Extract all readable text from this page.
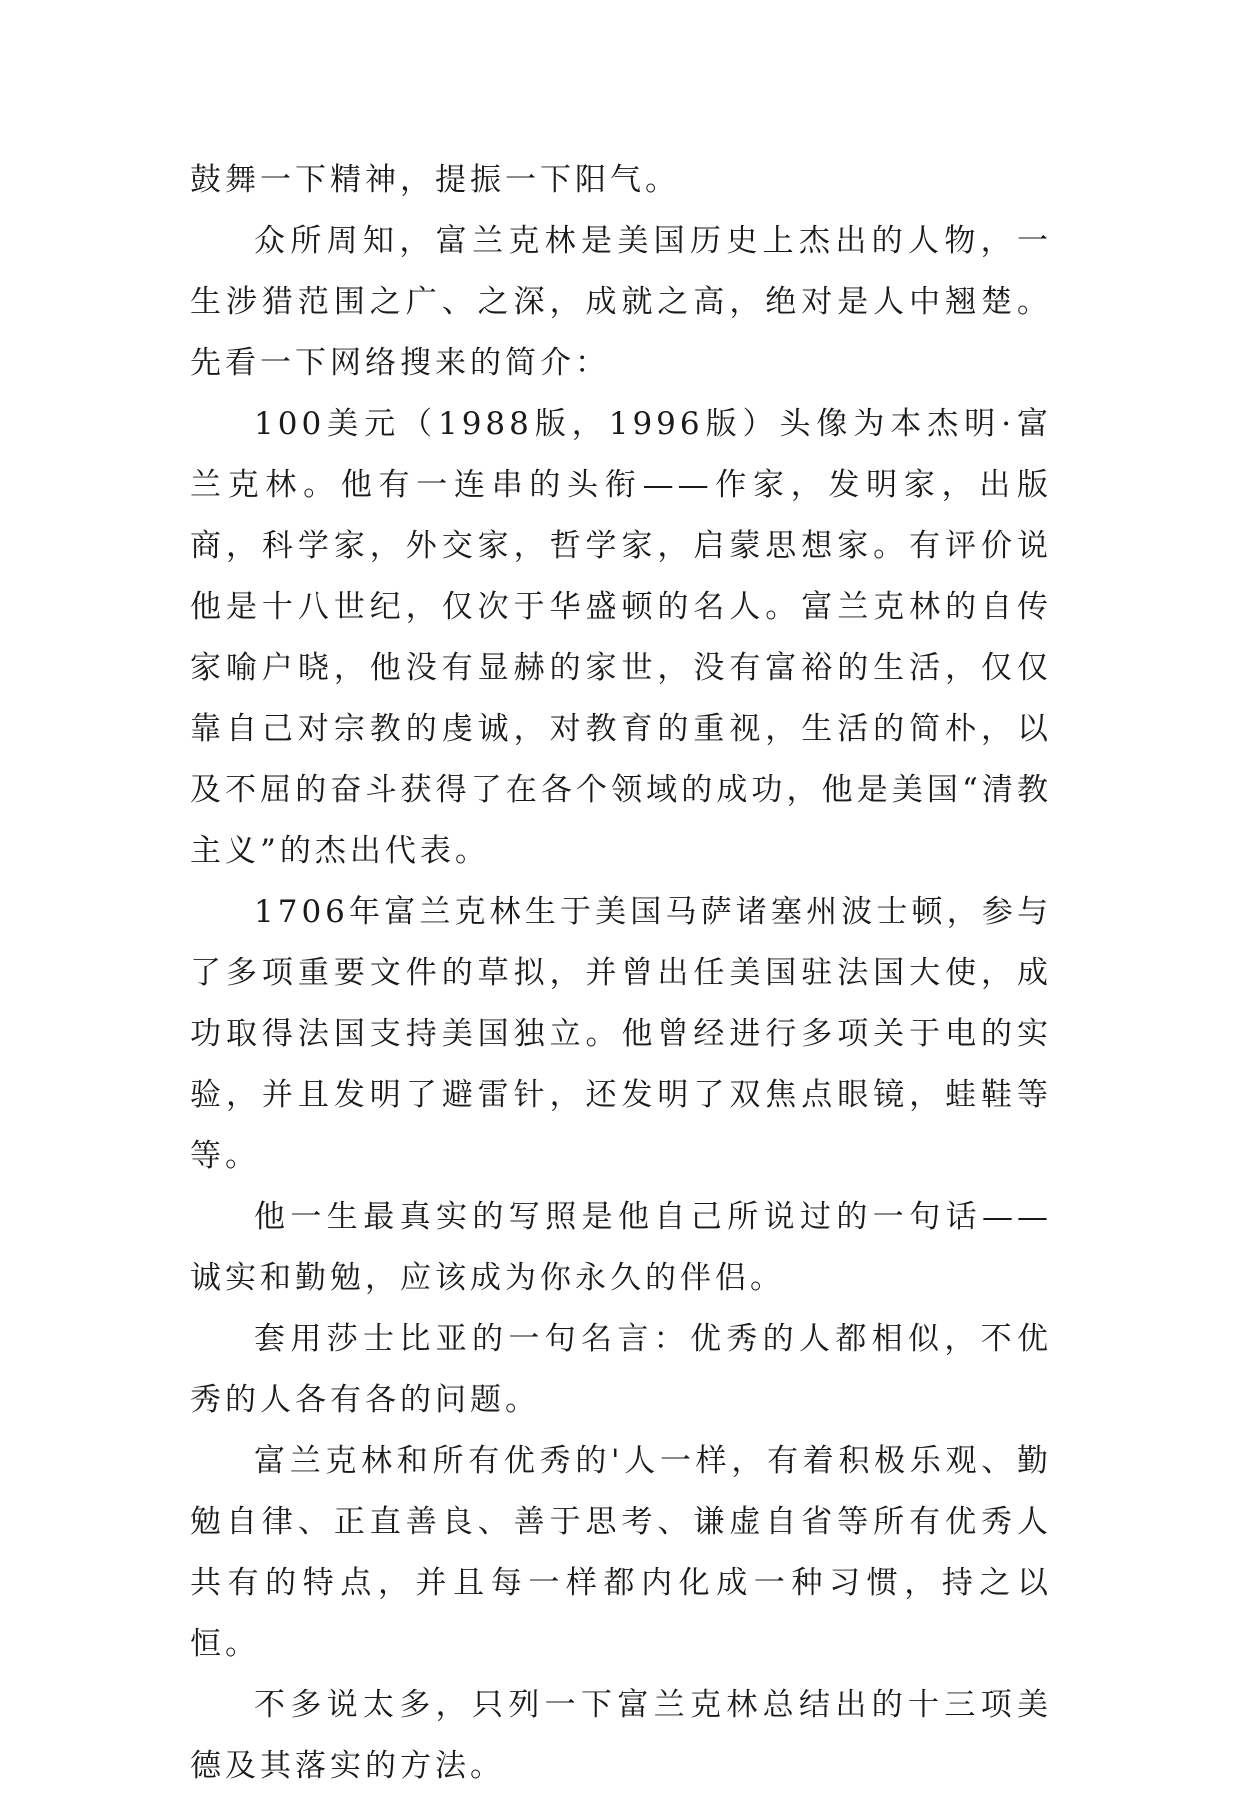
鼓舞一下精神，提振一下阳气。

众所周知，富兰克林是美国历史上杰出的人物，一生涉猎范围之广、之深，成就之高，绝对是人中翘楚。先看一下网络搜来的简介：

100美元（1988版，1996版）头像为本杰明·富兰克林。他有一连串的头衔——作家，发明家，出版商，科学家，外交家，哲学家，启蒙思想家。有评价说他是十八世纪，仅次于华盛顿的名人。富兰克林的自传家喻户晓，他没有显赫的家世，没有富裕的生活，仅仅靠自己对宗教的虔诚，对教育的重视，生活的简朴，以及不屈的奋斗获得了在各个领域的成功，他是美国“清教主义”的杰出代表。

1706年富兰克林生于美国马萨诸塞州波士顿，参与了多项重要文件的草拟，并曾出任美国驻法国大使，成功取得法国支持美国独立。他曾经进行多项关于电的实验，并且发明了避雷针，还发明了双焦点眼镜，蛙鞋等等。

他一生最真实的写照是他自己所说过的一句话——诚实和勤勉，应该成为你永久的伴侣。

套用莎士比亚的一句名言：优秀的人都相似，不优秀的人各有各的问题。

富兰克林和所有优秀的'人一样，有着积极乐观、勤勉自律、正直善良、善于思考、谦虚自省等所有优秀人共有的特点，并且每一样都内化成一种习惯，持之以恒。

不多说太多，只列一下富兰克林总结出的十三项美德及其落实的方法。
